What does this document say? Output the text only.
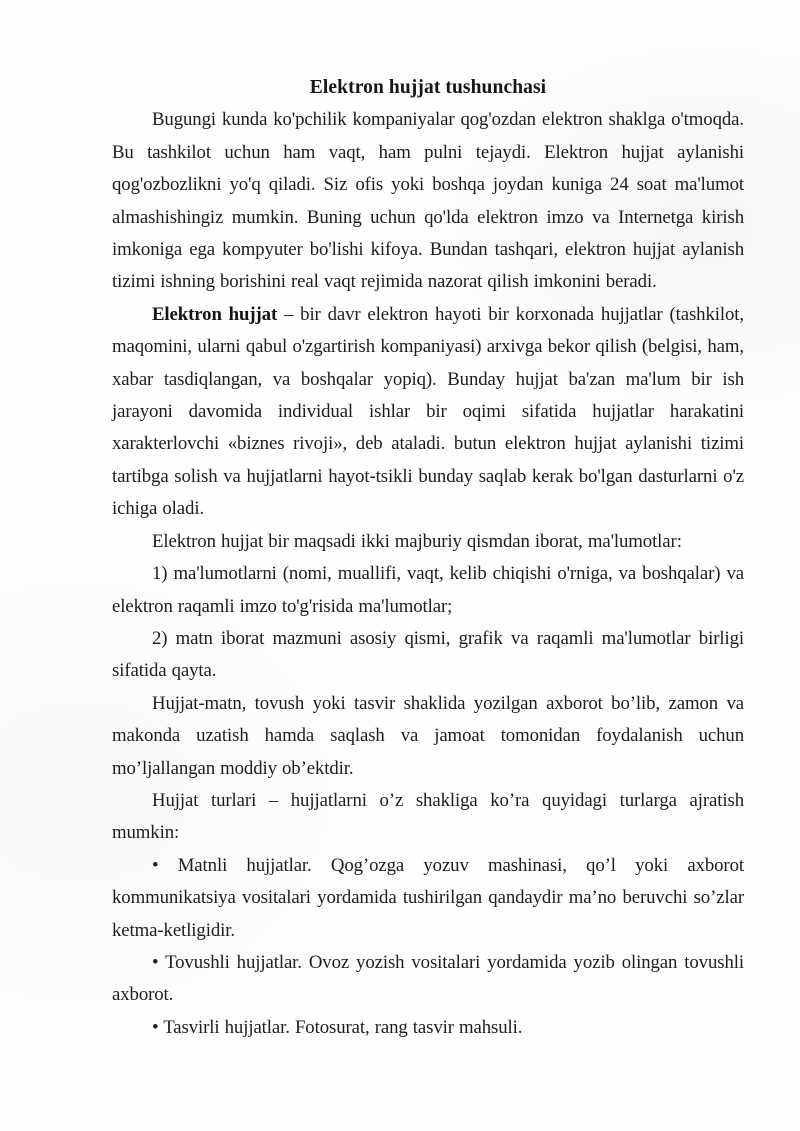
Elektron hujjat tushunchasi

Bugungi kunda ko'pchilik kompaniyalar qog'ozdan elektron shaklga o'tmoqda. Bu tashkilot uchun ham vaqt, ham pulni tejaydi. Elektron hujjat aylanishi qog'ozbozlikni yo'q qiladi. Siz ofis yoki boshqa joydan kuniga 24 soat ma'lumot almashishingiz mumkin. Buning uchun qo'lda elektron imzo va Internetga kirish imkoniga ega kompyuter bo'lishi kifoya. Bundan tashqari, elektron hujjat aylanish tizimi ishning borishini real vaqt rejimida nazorat qilish imkonini beradi.

Elektron hujjat – bir davr elektron hayoti bir korxonada hujjatlar (tashkilot, maqomini, ularni qabul o'zgartirish kompaniyasi) arxivga bekor qilish (belgisi, ham, xabar tasdiqlangan, va boshqalar yopiq). Bunday hujjat ba'zan ma'lum bir ish jarayoni davomida individual ishlar bir oqimi sifatida hujjatlar harakatini xarakterlovchi «biznes rivoji», deb ataladi. butun elektron hujjat aylanishi tizimi tartibga solish va hujjatlarni hayot-tsikli bunday saqlab kerak bo'lgan dasturlarni o'z ichiga oladi.

Elektron hujjat bir maqsadi ikki majburiy qismdan iborat, ma'lumotlar:

1) ma'lumotlarni (nomi, muallifi, vaqt, kelib chiqishi o'rniga, va boshqalar) va elektron raqamli imzo to'g'risida ma'lumotlar;

2) matn iborat mazmuni asosiy qismi, grafik va raqamli ma'lumotlar birligi sifatida qayta.

Hujjat-matn, tovush yoki tasvir shaklida yozilgan axborot bo’lib, zamon va makonda uzatish hamda saqlash va jamoat tomonidan foydalanish uchun mo’ljallangan moddiy ob’ektdir.

Hujjat turlari – hujjatlarni o’z shakliga ko’ra quyidagi turlarga ajratish mumkin:

• Matnli hujjatlar. Qog’ozga yozuv mashinasi, qo’l yoki axborot kommunikatsiya vositalari yordamida tushirilgan qandaydir ma’no beruvchi so’zlar ketma-ketligidir.

• Tovushli hujjatlar. Ovoz yozish vositalari yordamida yozib olingan tovushli axborot.

• Tasvirli hujjatlar. Fotosurat, rang tasvir mahsuli.
